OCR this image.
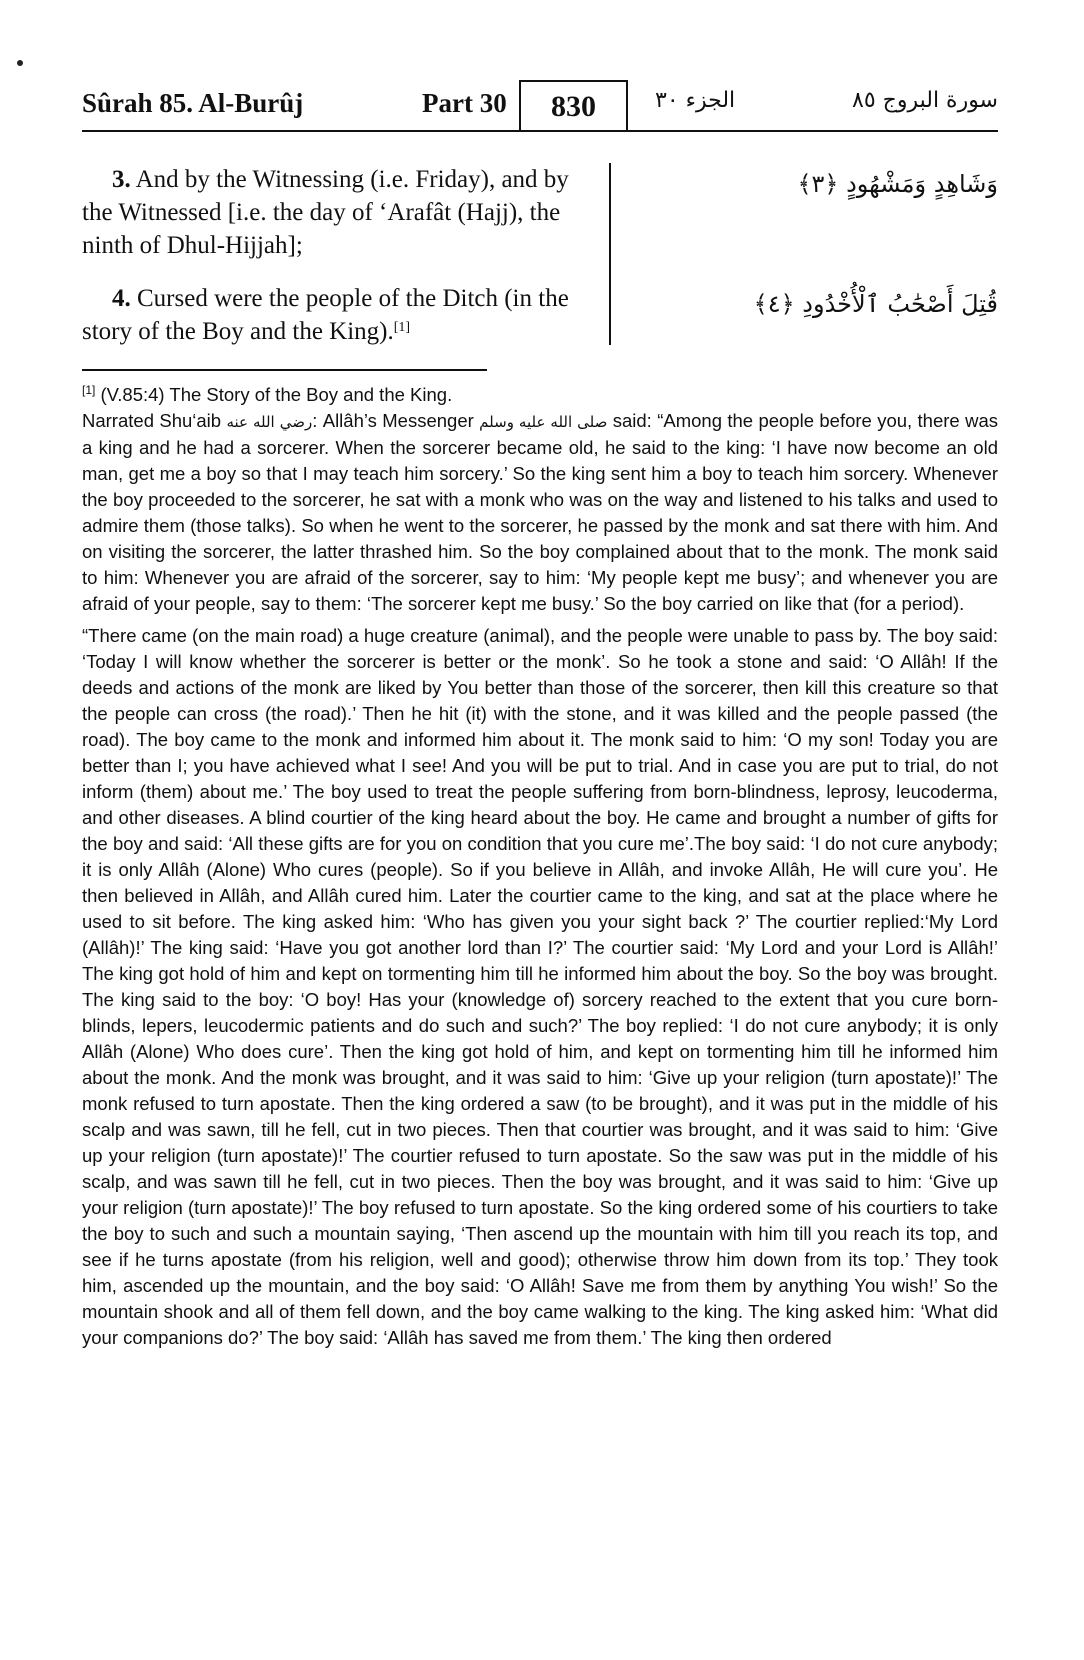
Sûrah 85. Al-Burûj	Part 30	830	الجزء ٣٠	سورة البروج ٨٥

3. And by the Witnessing (i.e. Friday), and by the Witnessed [i.e. the day of ‘Arafât (Hajj), the ninth of Dhul-Hijjah];

وَشَاهِدٍ وَمَشْهُودٍ ﴿٣﴾

4. Cursed were the people of the Ditch (in the story of the Boy and the King).[1]

قُتِلَ أَصْحَٰبُ ٱلْأُخْدُودِ ﴿٤﴾

[1] (V.85:4) The Story of the Boy and the King.

Narrated Shu‘aib رضي الله عنه: Allâh’s Messenger صلى الله عليه وسلم said: “Among the people before you, there was a king and he had a sorcerer. When the sorcerer became old, he said to the king: ‘I have now become an old man, get me a boy so that I may teach him sorcery.’ So the king sent him a boy to teach him sorcery. Whenever the boy proceeded to the sorcerer, he sat with a monk who was on the way and listened to his talks and used to admire them (those talks). So when he went to the sorcerer, he passed by the monk and sat there with him. And on visiting the sorcerer, the latter thrashed him. So the boy complained about that to the monk. The monk said to him: Whenever you are afraid of the sorcerer, say to him: ‘My people kept me busy’; and whenever you are afraid of your people, say to them: ‘The sorcerer kept me busy.’ So the boy carried on like that (for a period).

“There came (on the main road) a huge creature (animal), and the people were unable to pass by. The boy said: ‘Today I will know whether the sorcerer is better or the monk’. So he took a stone and said: ‘O Allâh! If the deeds and actions of the monk are liked by You better than those of the sorcerer, then kill this creature so that the people can cross (the road).’ Then he hit (it) with the stone, and it was killed and the people passed (the road). The boy came to the monk and informed him about it. The monk said to him: ‘O my son! Today you are better than I; you have achieved what I see! And you will be put to trial. And in case you are put to trial, do not inform (them) about me.’ The boy used to treat the people suffering from born-blindness, leprosy, leucoderma, and other diseases. A blind courtier of the king heard about the boy. He came and brought a number of gifts for the boy and said: ‘All these gifts are for you on condition that you cure me’.The boy said: ‘I do not cure anybody; it is only Allâh (Alone) Who cures (people). So if you believe in Allâh, and invoke Allâh, He will cure you’. He then believed in Allâh, and Allâh cured him. Later the courtier came to the king, and sat at the place where he used to sit before. The king asked him: ‘Who has given you your sight back ?’ The courtier replied:‘My Lord (Allâh)!’ The king said: ‘Have you got another lord than I?’ The courtier said: ‘My Lord and your Lord is Allâh!’ The king got hold of him and kept on tormenting him till he informed him about the boy. So the boy was brought. The king said to the boy: ‘O boy! Has your (knowledge of) sorcery reached to the extent that you cure born-blinds, lepers, leucodermic patients and do such and such?’ The boy replied: ‘I do not cure anybody; it is only Allâh (Alone) Who does cure’. Then the king got hold of him, and kept on tormenting him till he informed him about the monk. And the monk was brought, and it was said to him: ‘Give up your religion (turn apostate)!’ The monk refused to turn apostate. Then the king ordered a saw (to be brought), and it was put in the middle of his scalp and was sawn, till he fell, cut in two pieces. Then that courtier was brought, and it was said to him: ‘Give up your religion (turn apostate)!’ The courtier refused to turn apostate. So the saw was put in the middle of his scalp, and was sawn till he fell, cut in two pieces. Then the boy was brought, and it was said to him: ‘Give up your religion (turn apostate)!’ The boy refused to turn apostate. So the king ordered some of his courtiers to take the boy to such and such a mountain saying, ‘Then ascend up the mountain with him till you reach its top, and see if he turns apostate (from his religion, well and good); otherwise throw him down from its top.’ They took him, ascended up the mountain, and the boy said: ‘O Allâh! Save me from them by anything You wish!’ So the mountain shook and all of them fell down, and the boy came walking to the king. The king asked him: ‘What did your companions do?’ The boy said: ‘Allâh has saved me from them.’ The king then ordered
